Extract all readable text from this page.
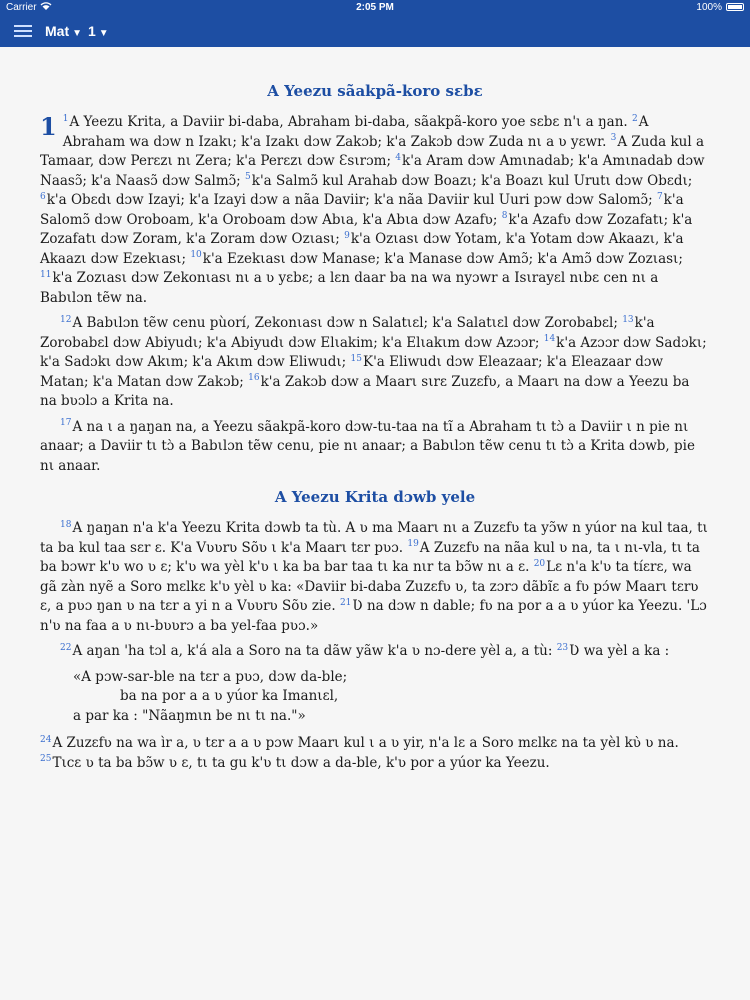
Carrier	2:05 PM	100%
Mat ▼ 1 ▼
A Yeezu sãakpã-koro sɛbɛ

1 $^1$A Yeezu Krita, a Daviir bi-daba, Abraham bi-daba, sãakpã-koro yoe sɛbɛ n'ι a ŋan. $^2$A Abraham wa dɔw n Izakι; k'a Izakι dɔw Zakɔb; k'a Zakɔb dɔw Zuda nι a ʋ yɛwr. $^3$A Zuda kul a Tamaar, dɔw Perɛzι nι Zera; k'a Perɛzι dɔw Ɛsιrɔm; $^4$k'a Aram dɔw Amιnadab; k'a Amιnadab dɔw Naasɔ̃; k'a Naasɔ̃ dɔw Salmɔ̃; $^5$k'a Salmɔ̃ kul Arahab dɔw Boazι; k'a Boazι kul Urutι dɔw Obɛdι; $^6$k'a Obɛdι dɔw Izayi; k'a Izayi dɔw a nãa Daviir; k'a nãa Daviir kul Uuri pɔw dɔw Salomɔ̃; $^7$k'a Salomɔ̃ dɔw Oroboam, k'a Oroboam dɔw Abιa, k'a Abιa dɔw Azafʋ; $^8$k'a Azafʋ dɔw Zozafatι; k'a Zozafatι dɔw Zoram, k'a Zoram dɔw Ozιasι; $^9$k'a Ozιasι dɔw Yotam, k'a Yotam dɔw Akaazι, k'a Akaazι dɔw Ezekιasι; $^{10}$k'a Ezekιasι dɔw Manase; k'a Manase dɔw Amɔ̃; k'a Amɔ̃ dɔw Zozιasι; $^{11}$k'a Zozιasι dɔw Zekonιasι nι a ʋ yɛbɛ; a lɛn daar ba na wa nyɔwr a Isιrayɛl nιbɛ cen nι a Babιlɔn tẽw na.

$^{12}$A Babιlɔn tẽw cenu pùorí, Zekonιasι dɔw n Salatιɛl; k'a Salatιɛl dɔw Zorobabɛl; $^{13}$k'a Zorobabɛl dɔw Abiyudι; k'a Abiyudι dɔw Elιakim; k'a Elιakιm dɔw Azɔɔr; $^{14}$k'a Azɔɔr dɔw Sadɔkι; k'a Sadɔkι dɔw Akιm; k'a Akιm dɔw Eliwudι; $^{15}$K'a Eliwudι dɔw Eleazaar; k'a Eleazaar dɔw Matan; k'a Matan dɔw Zakɔb; $^{16}$k'a Zakɔb dɔw a Maarι sιrɛ Zuzɛfʋ, a Maarι na dɔw a Yeezu ba na bʋɔlɔ a Krita na.

$^{17}$A na ι a ŋaŋan na, a Yeezu sãakpã-koro dɔw-tu-taa na tĩ a Abraham tι tɔ̀ a Daviir ι n pie nι anaar; a Daviir tι tɔ̀ a Babιlɔn tẽw cenu, pie nι anaar; a Babιlɔn tẽw cenu tι tɔ̀ a Krita dɔwb, pie nι anaar.

A Yeezu Krita dɔwb yele

$^{18}$A ŋaŋan n'a k'a Yeezu Krita dɔwb ta tù. A ʋ ma Maarι nι a Zuzɛfʋ ta yɔ̃w n yúor na kul taa, tι ta ba kul taa sɛr ɛ. K'a Vʋʋrʋ Sõʋ ι k'a Maarι tɛr pʋɔ. $^{19}$A Zuzɛfʋ na nãa kul ʋ na, ta ι nι-vla, tι ta ba bɔwr k'ʋ wo ʋ ɛ; k'ʋ wa yèl k'ʋ ι ka ba bar taa tι ka nιr ta bɔ̃w nι a ɛ. $^{20}$Lɛ n'a k'ʋ ta tíɛrɛ, wa gã zàn nyẽ a Soro mɛlkɛ k'ʋ yèl ʋ ka: «Daviir bi-daba Zuzɛfʋ ʋ, ta zɔrɔ dãbĩɛ a fʋ pɔ́w Maarι tɛrʋ ɛ, a pʋɔ ŋan ʋ na tɛr a yi n a Vʋʋrʋ Sõʋ zie. $^{21}$Ʋ na dɔw n dable; fʋ na por a a ʋ yúor ka Yeezu. 'Lɔ n'ʋ na faa a ʋ nι-bʋʋrɔ a ba yel-faa pʋɔ.»

$^{22}$A aŋan 'ha tɔl a, k'á ala a Soro na ta dãw yãw k'a ʋ nɔ-dere yèl a, a tù: $^{23}$Ʋ wa yèl a ka :

«A pɔw-sar-ble na tɛr a pʋɔ, dɔw da-ble;
ba na por a a ʋ yúor ka Imanιɛl,
a par ka : "Nãaŋmιn be nι tι na."»

$^{24}$A Zuzɛfʋ na wa ìr a, ʋ tɛr a a ʋ pɔw Maarι kul ι a ʋ yir, n'a lɛ a Soro mɛlkɛ na ta yèl kʋ̀ ʋ na. $^{25}$Tιcɛ ʋ ta ba bɔ̃w ʋ ɛ, tι ta gu k'ʋ tι dɔw a da-ble, k'ʋ por a yúor ka Yeezu.
